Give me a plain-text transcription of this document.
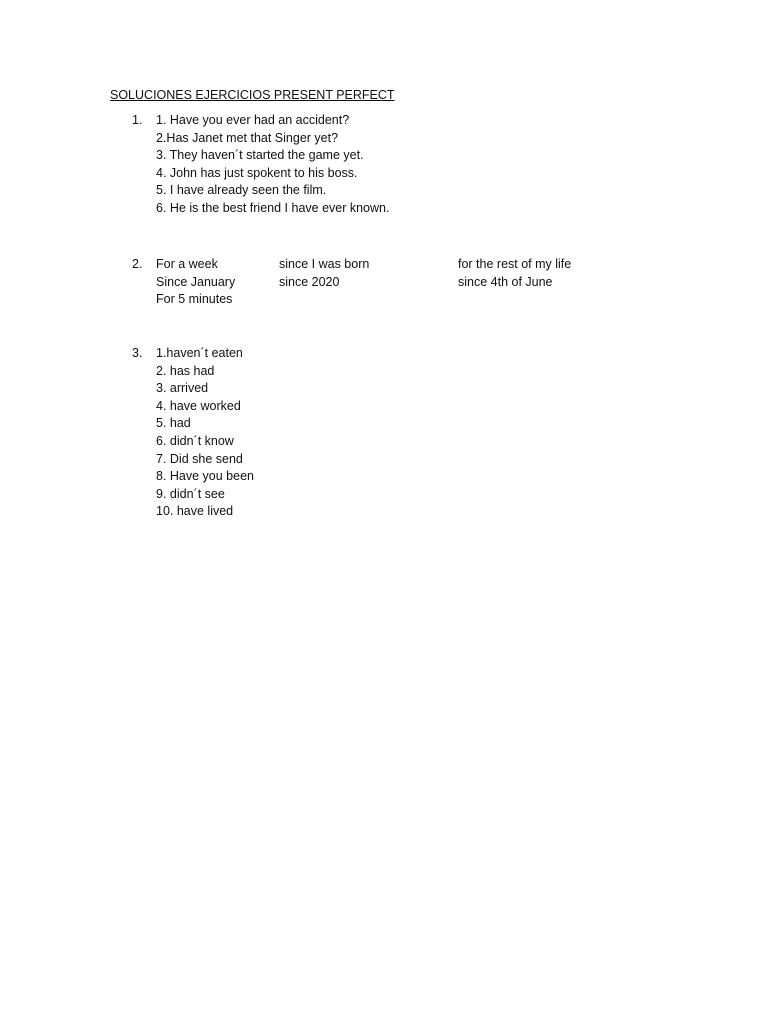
SOLUCIONES EJERCICIOS PRESENT PERFECT
1.	1. Have you ever had an accident?
2.Has Janet met that Singer yet?
3. They haven´t started the game yet.
4. John has just spokent to his boss.
5. I have already seen the film.
6. He is the best friend I have ever known.
2.	For a week	since I was born	for the rest of my life
Since January	since 2020	since 4th of June
For 5 minutes
3.	1.haven´t eaten
2. has had
3. arrived
4. have worked
5. had
6. didn´t know
7. Did she send
8. Have you been
9. didn´t see
10. have lived
